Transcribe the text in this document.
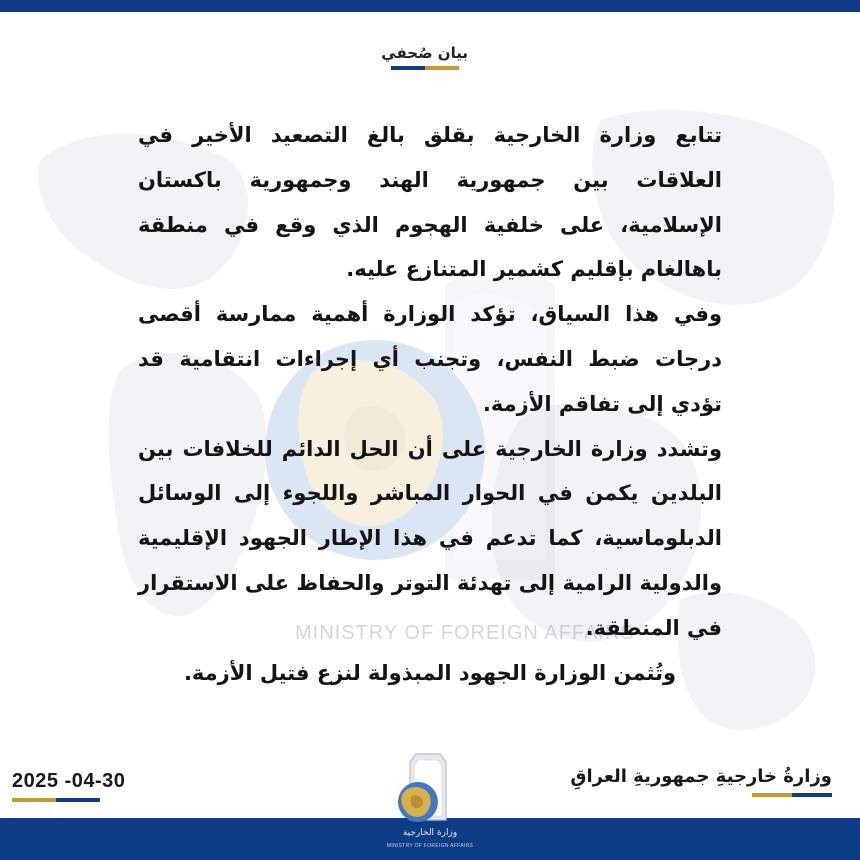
MINISTRY OF FOREIGN AFFAIRS
بيان صُحفي

تتابع وزارة الخارجية بقلق بالغ التصعيد الأخير في العلاقات بين جمهورية الهند وجمهورية باكستان الإسلامية، على خلفية الهجوم الذي وقع في منطقة باهالغام بإقليم كشمير المتنازع عليه.

وفي هذا السياق، تؤكد الوزارة أهمية ممارسة أقصى درجات ضبط النفس، وتجنب أي إجراءات انتقامية قد تؤدي إلى تفاقم الأزمة.

وتشدد وزارة الخارجية على أن الحل الدائم للخلافات بين البلدين يكمن في الحوار المباشر واللجوء إلى الوسائل الدبلوماسية، كما تدعم في هذا الإطار الجهود الإقليمية والدولية الرامية إلى تهدئة التوتر والحفاظ على الاستقرار في المنطقة.

وتُثمن الوزارة الجهود المبذولة لنزع فتيل الأزمة.

2025 -04-30	وزارةُ خارجيةِ جمهوريةِ العراقِ
وزارة الخارجية
MINISTRY OF FOREIGN AFFAIRS
